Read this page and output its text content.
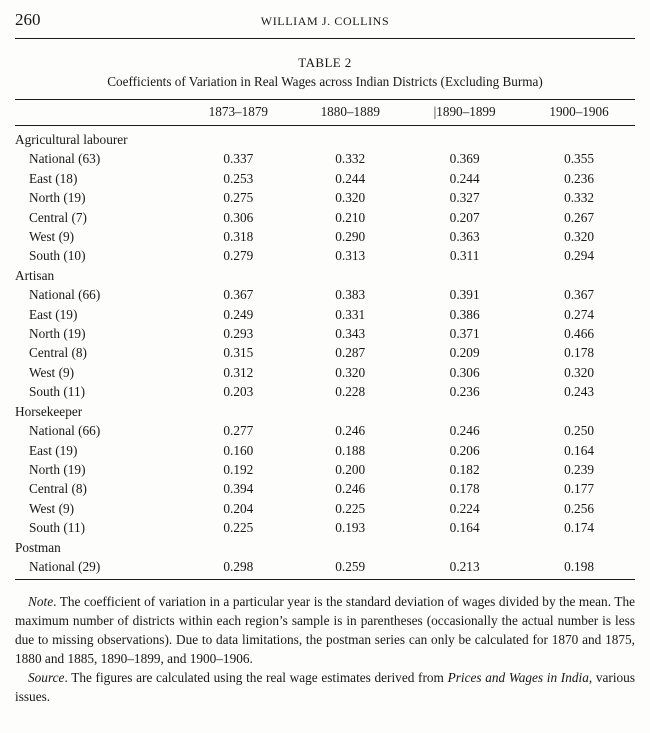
260	WILLIAM J. COLLINS
TABLE 2
Coefficients of Variation in Real Wages across Indian Districts (Excluding Burma)
	1873–1879	1880–1889	|1890–1899	1900–1906
Agricultural labourer				
National (63)	0.337	0.332	0.369	0.355
East (18)	0.253	0.244	0.244	0.236
North (19)	0.275	0.320	0.327	0.332
Central (7)	0.306	0.210	0.207	0.267
West (9)	0.318	0.290	0.363	0.320
South (10)	0.279	0.313	0.311	0.294
Artisan				
National (66)	0.367	0.383	0.391	0.367
East (19)	0.249	0.331	0.386	0.274
North (19)	0.293	0.343	0.371	0.466
Central (8)	0.315	0.287	0.209	0.178
West (9)	0.312	0.320	0.306	0.320
South (11)	0.203	0.228	0.236	0.243
Horsekeeper				
National (66)	0.277	0.246	0.246	0.250
East (19)	0.160	0.188	0.206	0.164
North (19)	0.192	0.200	0.182	0.239
Central (8)	0.394	0.246	0.178	0.177
West (9)	0.204	0.225	0.224	0.256
South (11)	0.225	0.193	0.164	0.174
Postman				
National (29)	0.298	0.259	0.213	0.198

Note. The coefficient of variation in a particular year is the standard deviation of wages divided by the mean. The maximum number of districts within each region’s sample is in parentheses (occasionally the actual number is less due to missing observations). Due to data limitations, the postman series can only be calculated for 1870 and 1875, 1880 and 1885, 1890–1899, and 1900–1906.

Source. The figures are calculated using the real wage estimates derived from Prices and Wages in India, various issues.
